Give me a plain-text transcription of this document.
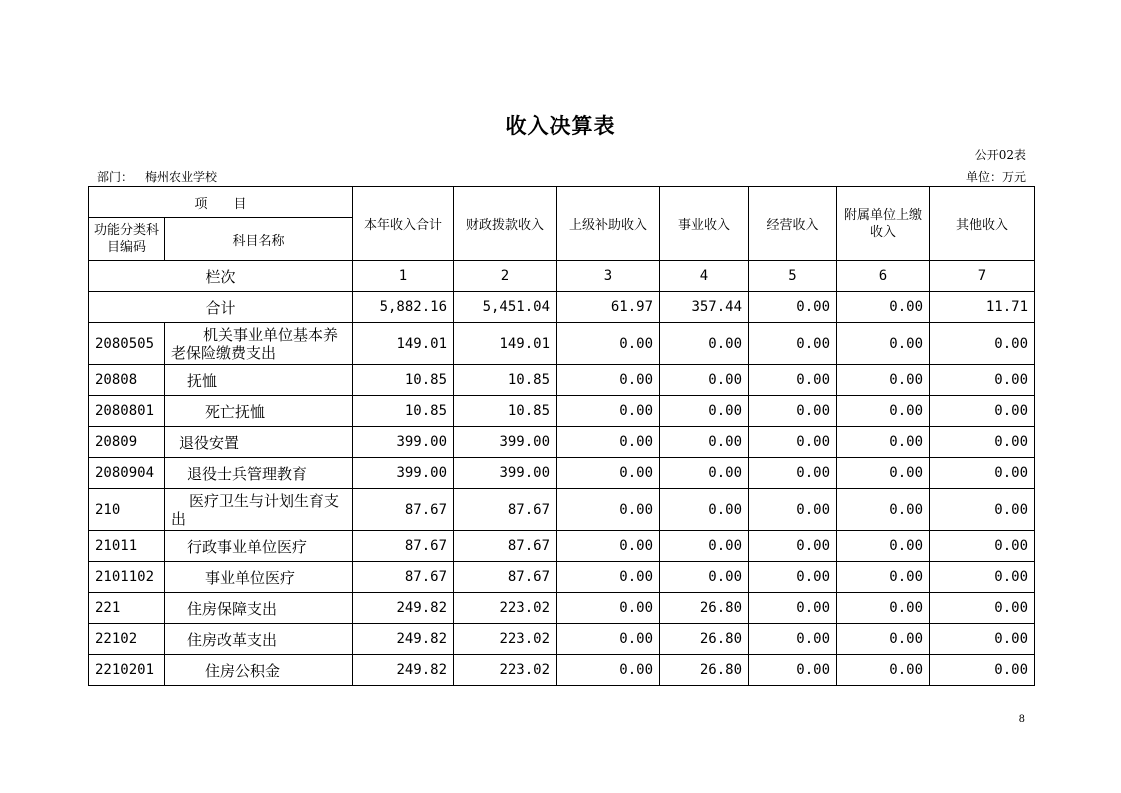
收入决算表
公开02表
部门： 梅州农业学校	单位：万元
项　　目		本年收入合计	财政拨款收入	上级补助收入	事业收入	经营收入	附属单位上缴收入	其他收入
功能分类科目编码	科目名称							
栏次		1	2	3	4	5	6	7
合计		5,882.16	5,451.04	61.97	357.44	0.00	0.00	11.71
2080505	机关事业单位基本养老保险缴费支出	149.01	149.01	0.00	0.00	0.00	0.00	0.00
20808	抚恤	10.85	10.85	0.00	0.00	0.00	0.00	0.00
2080801	死亡抚恤	10.85	10.85	0.00	0.00	0.00	0.00	0.00
20809	退役安置	399.00	399.00	0.00	0.00	0.00	0.00	0.00
2080904	退役士兵管理教育	399.00	399.00	0.00	0.00	0.00	0.00	0.00
210	医疗卫生与计划生育支出	87.67	87.67	0.00	0.00	0.00	0.00	0.00
21011	行政事业单位医疗	87.67	87.67	0.00	0.00	0.00	0.00	0.00
2101102	事业单位医疗	87.67	87.67	0.00	0.00	0.00	0.00	0.00
221	住房保障支出	249.82	223.02	0.00	26.80	0.00	0.00	0.00
22102	住房改革支出	249.82	223.02	0.00	26.80	0.00	0.00	0.00
2210201	住房公积金	249.82	223.02	0.00	26.80	0.00	0.00	0.00
8
